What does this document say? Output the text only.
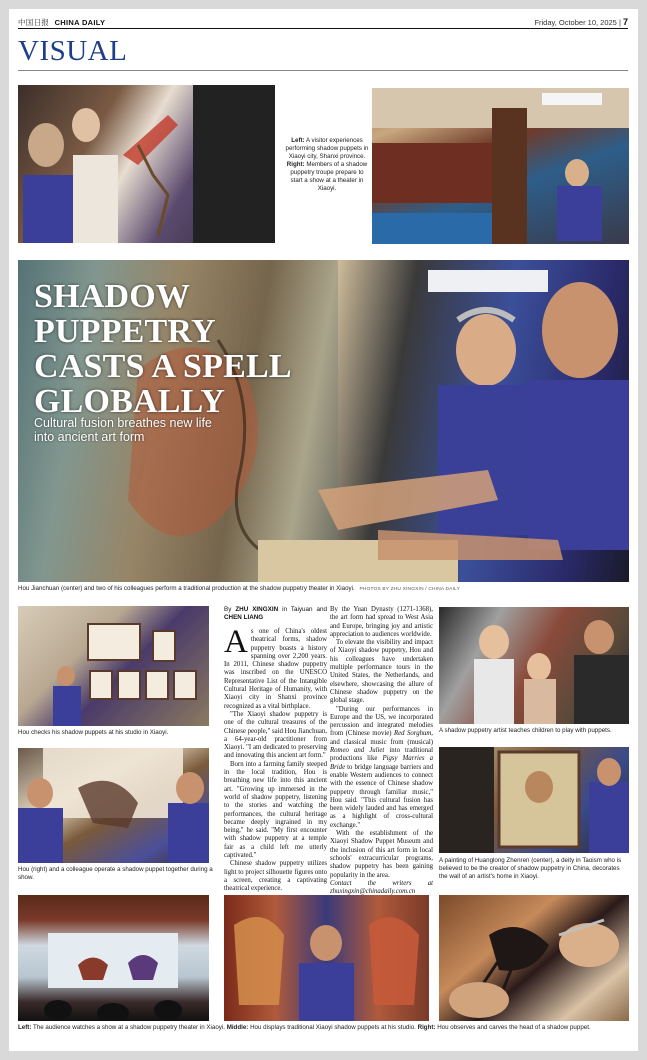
中国日报 CHINA DAILY	Friday, October 10, 2025 | 7
VISUAL
Left: A visitor experiences performing shadow puppets in Xiaoyi city, Shanxi province. Right: Members of a shadow puppetry troupe prepare to start a show at a theater in Xiaoyi.
SHADOW
PUPPETRY
CASTS A SPELL
GLOBALLY
Cultural fusion breathes new life into ancient art form
Hou Jianchuan (center) and two of his colleagues perform a traditional production at the shadow puppetry theater in Xiaoyi. PHOTOS BY ZHU XINGXIN / CHINA DAILY
Hou checks his shadow puppets at his studio in Xiaoyi.
Hou (right) and a colleague operate a shadow puppet together during a show.
By ZHU XINGXIN in Taiyuan and CHEN LIANG

As one of China's oldest theatrical forms, shadow puppetry boasts a history spanning over 2,200 years. In 2011, Chinese shadow puppetry was inscribed on the UNESCO Representative List of the Intangible Cultural Heritage of Humanity, with Xiaoyi city in Shanxi province recognized as a vital birthplace.

"The Xiaoyi shadow puppetry is one of the cultural treasures of the Chinese people," said Hou Jianchuan, a 64-year-old practitioner from Xiaoyi. "I am dedicated to preserving and innovating this ancient art form."

Born into a farming family steeped in the local tradition, Hou is breathing new life into this ancient art. "Growing up immersed in the world of shadow puppetry, listening to the stories and watching the performances, the cultural heritage became deeply ingrained in my being," he said. "My first encounter with shadow puppetry at a temple fair as a child left me utterly captivated."

Chinese shadow puppetry utilizes light to project silhouette figures onto a screen, creating a captivating theatrical experience.

By the Yuan Dynasty (1271-1368), the art form had spread to West Asia and Europe, bringing joy and artistic appreciation to audiences worldwide.

To elevate the visibility and impact of Xiaoyi shadow puppetry, Hou and his colleagues have undertaken multiple performance tours in the United States, the Netherlands, and elsewhere, showcasing the allure of Chinese shadow puppetry on the global stage.

"During our performances in Europe and the US, we incorporated percussion and integrated melodies from (Chinese movie) Red Sorghum, and classical music from (musical) Romeo and Juliet into traditional productions like Pigsy Marries a Bride to bridge language barriers and enable Western audiences to connect with the essence of Chinese shadow puppetry through familiar music," Hou said. "This cultural fusion has been widely lauded and has emerged as a highlight of cross-cultural exchange."

With the establishment of the Xiaoyi Shadow Puppet Museum and the inclusion of this art form in local schools' extracurricular programs, shadow puppetry has been gaining popularity in the area.

Contact the writers at zhuxingxin@chinadaily.com.cn

A shadow puppetry artist teaches children to play with puppets.
A painting of Huanglong Zhenren (center), a deity in Taoism who is believed to be the creator of shadow puppetry in China, decorates the wall of an artist's home in Xiaoyi.
Left: The audience watches a show at a shadow puppetry theater in Xiaoyi. Middle: Hou displays traditional Xiaoyi shadow puppets at his studio. Right: Hou observes and carves the head of a shadow puppet.
